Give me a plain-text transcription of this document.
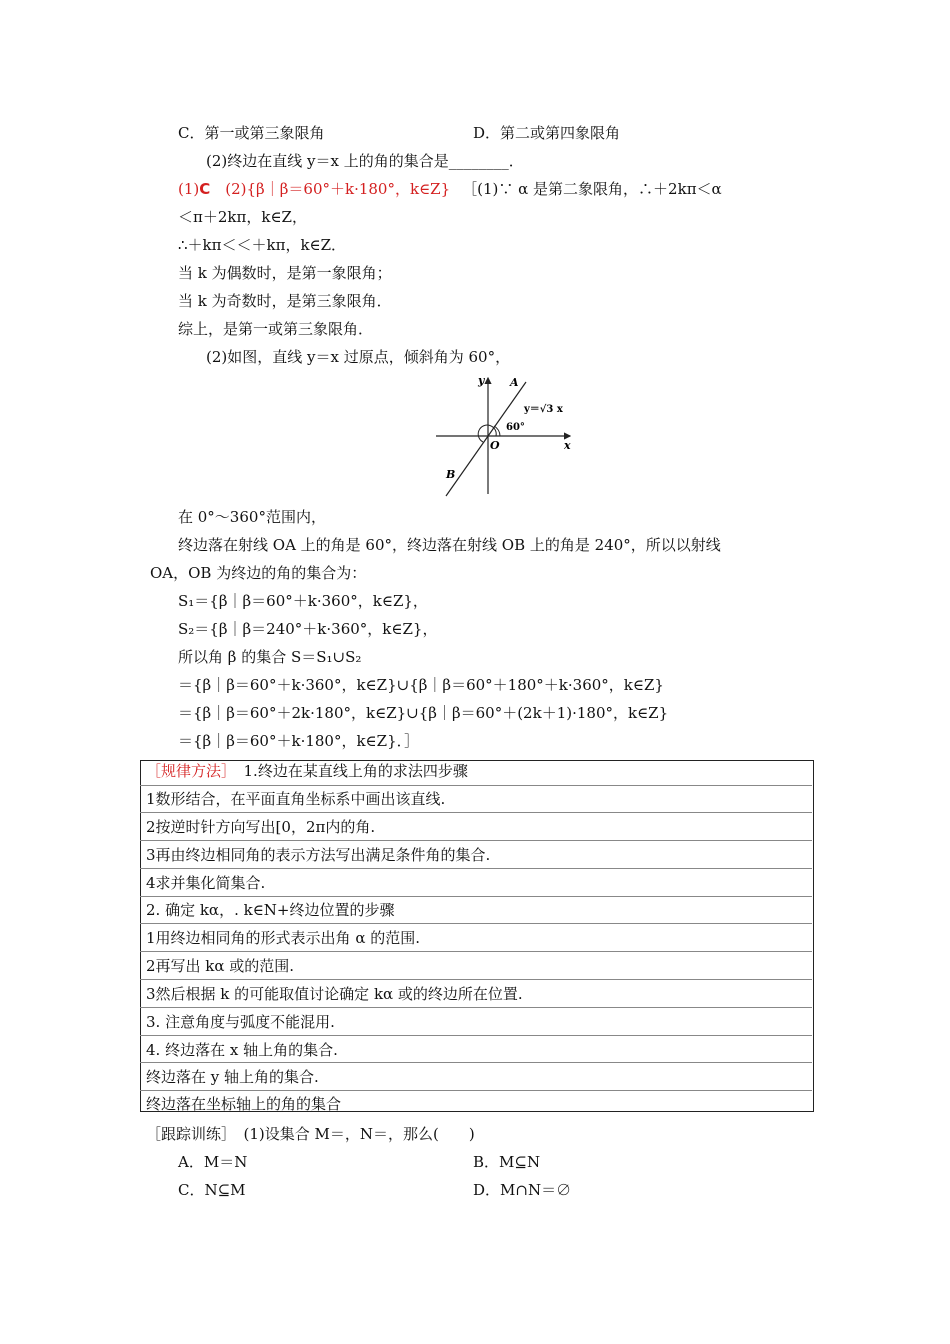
C．第一或第三象限角	D．第二或第四象限角
(2)终边在直线 y＝x 上的角的集合是________．
(1)C　(2){β｜β＝60°＋k·180°，k∈Z} ［(1)∵ α 是第二象限角，∴＋2kπ＜α
＜π＋2kπ，k∈Z，
∴＋kπ＜＜＋kπ，k∈Z．
当 k 为偶数时，是第一象限角；
当 k 为奇数时，是第三象限角．
综上，是第一或第三象限角．
(2)如图，直线 y＝x 过原点，倾斜角为 60°，
y
x
O
A
B
y＝√3 x
60°
在 0°～360°范围内，
终边落在射线 OA 上的角是 60°，终边落在射线 OB 上的角是 240°，所以以射线
OA，OB 为终边的角的集合为：
S₁＝{β｜β＝60°＋k·360°，k∈Z}，
S₂＝{β｜β＝240°＋k·360°，k∈Z}，
所以角 β 的集合 S＝S₁∪S₂
＝{β｜β＝60°＋k·360°，k∈Z}∪{β｜β＝60°＋180°＋k·360°，k∈Z}
＝{β｜β＝60°＋2k·180°，k∈Z}∪{β｜β＝60°＋(2k＋1)·180°，k∈Z}
＝{β｜β＝60°＋k·180°，k∈Z}．］
［规律方法］　1.终边在某直线上角的求法四步骤
1数形结合，在平面直角坐标系中画出该直线.
2按逆时针方向写出[0，2π内的角.
3再由终边相同角的表示方法写出满足条件角的集合.
4求并集化简集合.
2. 确定 kα，. k∈N+终边位置的步骤
1用终边相同角的形式表示出角 α 的范围.
2再写出 kα 或的范围.
3然后根据 k 的可能取值讨论确定 kα 或的终边所在位置.
3. 注意角度与弧度不能混用.
4. 终边落在 x 轴上角的集合.
终边落在 y 轴上角的集合.
终边落在坐标轴上的角的集合
［跟踪训练］　(1)设集合 M＝，N＝，那么(　　)
A．M＝N	B．M⊆N
C．N⊆M	D．M∩N＝∅
